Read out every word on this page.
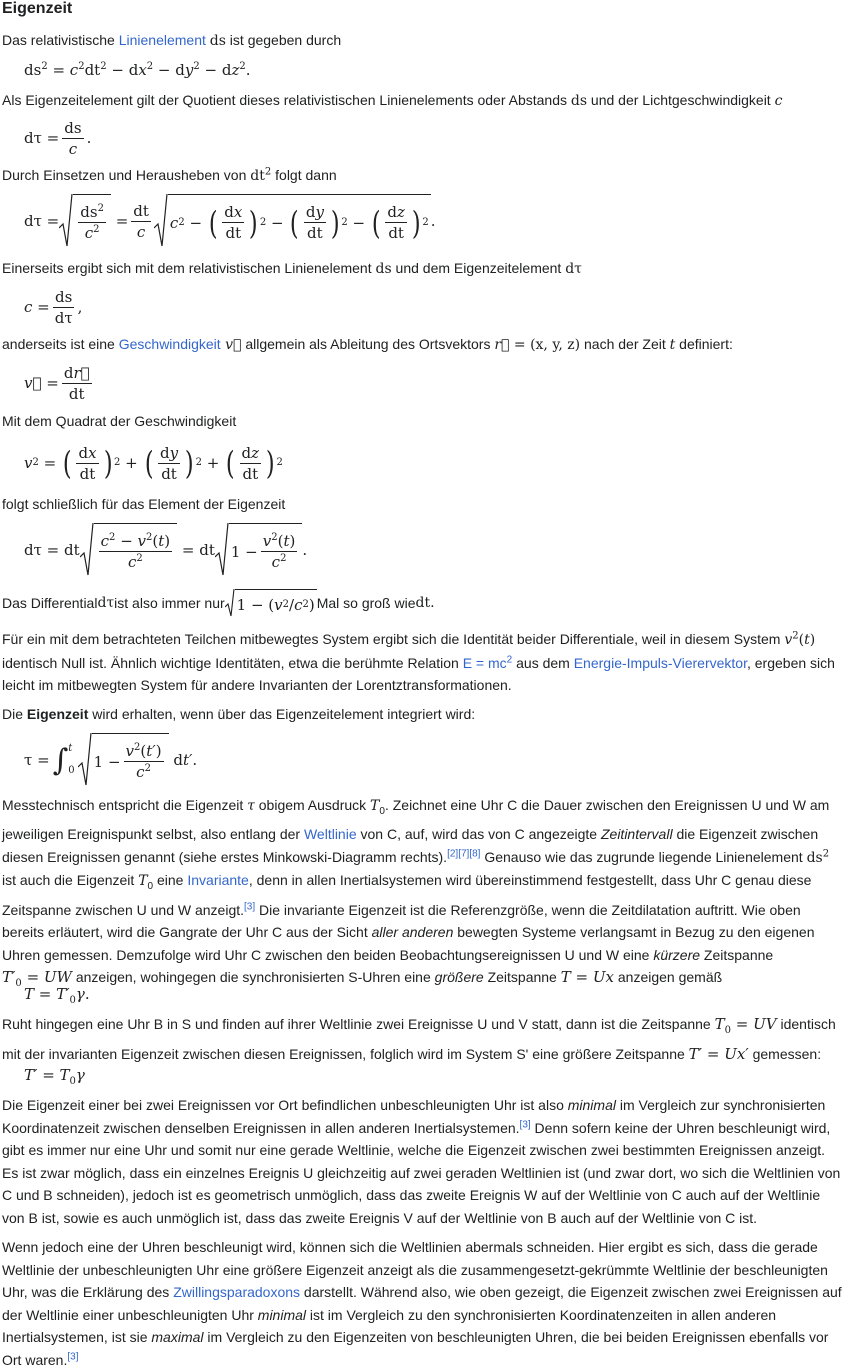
Eigenzeit
Das relativistische Linienelement ds ist gegeben durch
$ds^2 = c^2dt^2 - dx^2 - dy^2 - dz^2$.
Als Eigenzeitelement gilt der Quotient dieses relativistischen Linienelements oder Abstands ds und der Lichtgeschwindigkeit c
$d\tau = \frac{ds}{c}$ .
Durch Einsetzen und Herausheben von $dt^2$ folgt dann
$d\tau = \frac{ds^2}{c^2} = \frac{dt}{c}$ c 2 − ( $\frac{dx}{dt}$ ) 2 − ( $\frac{dy}{dt}$ ) 2 − ( $\frac{dz}{dt}$ ) 2 .
Einerseits ergibt sich mit dem relativistischen Linienelement ds und dem Eigenzeitelement dτ
$c = \frac{ds}{d\tau}$ ,
anderseits ist eine Geschwindigkeit v⃗ allgemein als Ableitung des Ortsvektors r⃗ = (x, y, z) nach der Zeit t definiert:
v⃗ = $\frac{dr⃗}{dt}$
Mit dem Quadrat der Geschwindigkeit
v 2 = ( $\frac{dx}{dt}$ ) 2 + ( $\frac{dy}{dt}$ ) 2 + ( $\frac{dz}{dt}$ ) 2
folgt schließlich für das Element der Eigenzeit
dτ = dt $\frac{c^2 - v^2(t)}{c^2}$ = dt $1 - \frac{v^2(t)}{c^2}$ .
Das Differential dτ ist also immer nur 1 − ( v 2 / c 2 ) Mal so groß wie dt.
Für ein mit dem betrachteten Teilchen mitbewegtes System ergibt sich die Identität beider Differentiale, weil in diesem System $v^2(t)$
identisch Null ist. Ähnlich wichtige Identitäten, etwa die berühmte Relation E = mc$^2$ aus dem Energie-Impuls-Vierervektor, ergeben sich
leicht im mitbewegten System für andere Invarianten der Lorentztransformationen.
Die Eigenzeit wird erhalten, wenn über das Eigenzeitelement integriert wird:
τ = ∫ t
0 $1 - \frac{v^2(t')}{c^2} dt'$.
Messtechnisch entspricht die Eigenzeit τ obigem Ausdruck $T_0$. Zeichnet eine Uhr C die Dauer zwischen den Ereignissen U und W am
jeweiligen Ereignispunkt selbst, also entlang der Weltlinie von C, auf, wird das von C angezeigte Zeitintervall die Eigenzeit zwischen
diesen Ereignissen genannt (siehe erstes Minkowski-Diagramm rechts).[2][7][8] Genauso wie das zugrunde liegende Linienelement $ds^2$
ist auch die Eigenzeit $T_0$ eine Invariante, denn in allen Inertialsystemen wird übereinstimmend festgestellt, dass Uhr C genau diese
Zeitspanne zwischen U und W anzeigt.[3] Die invariante Eigenzeit ist die Referenzgröße, wenn die Zeitdilatation auftritt. Wie oben
bereits erläutert, wird die Gangrate der Uhr C aus der Sicht aller anderen bewegten Systeme verlangsamt in Bezug zu den eigenen
Uhren gemessen. Demzufolge wird Uhr C zwischen den beiden Beobachtungsereignissen U und W eine kürzere Zeitspanne
$T'_0$ = UW anzeigen, wohingegen die synchronisierten S-Uhren eine größere Zeitspanne T = Ux anzeigen gemäß
$T = T'_0\gamma$.
Ruht hingegen eine Uhr B in S und finden auf ihrer Weltlinie zwei Ereignisse U und V statt, dann ist die Zeitspanne $T_0$ = UV identisch
mit der invarianten Eigenzeit zwischen diesen Ereignissen, folglich wird im System S' eine größere Zeitspanne T′ = Ux′ gemessen:
$T' = T_0\gamma$
Die Eigenzeit einer bei zwei Ereignissen vor Ort befindlichen unbeschleunigten Uhr ist also minimal im Vergleich zur synchronisierten
Koordinatenzeit zwischen denselben Ereignissen in allen anderen Inertialsystemen.[3] Denn sofern keine der Uhren beschleunigt wird,
gibt es immer nur eine Uhr und somit nur eine gerade Weltlinie, welche die Eigenzeit zwischen zwei bestimmten Ereignissen anzeigt.
Es ist zwar möglich, dass ein einzelnes Ereignis U gleichzeitig auf zwei geraden Weltlinien ist (und zwar dort, wo sich die Weltlinien von
C und B schneiden), jedoch ist es geometrisch unmöglich, dass das zweite Ereignis W auf der Weltlinie von C auch auf der Weltlinie
von B ist, sowie es auch unmöglich ist, dass das zweite Ereignis V auf der Weltlinie von B auch auf der Weltlinie von C ist.
Wenn jedoch eine der Uhren beschleunigt wird, können sich die Weltlinien abermals schneiden. Hier ergibt es sich, dass die gerade
Weltlinie der unbeschleunigten Uhr eine größere Eigenzeit anzeigt als die zusammengesetzt-gekrümmte Weltlinie der beschleunigten
Uhr, was die Erklärung des Zwillingsparadoxons darstellt. Während also, wie oben gezeigt, die Eigenzeit zwischen zwei Ereignissen auf
der Weltlinie einer unbeschleunigten Uhr minimal ist im Vergleich zu den synchronisierten Koordinatenzeiten in allen anderen
Inertialsystemen, ist sie maximal im Vergleich zu den Eigenzeiten von beschleunigten Uhren, die bei beiden Ereignissen ebenfalls vor
Ort waren.[3]
